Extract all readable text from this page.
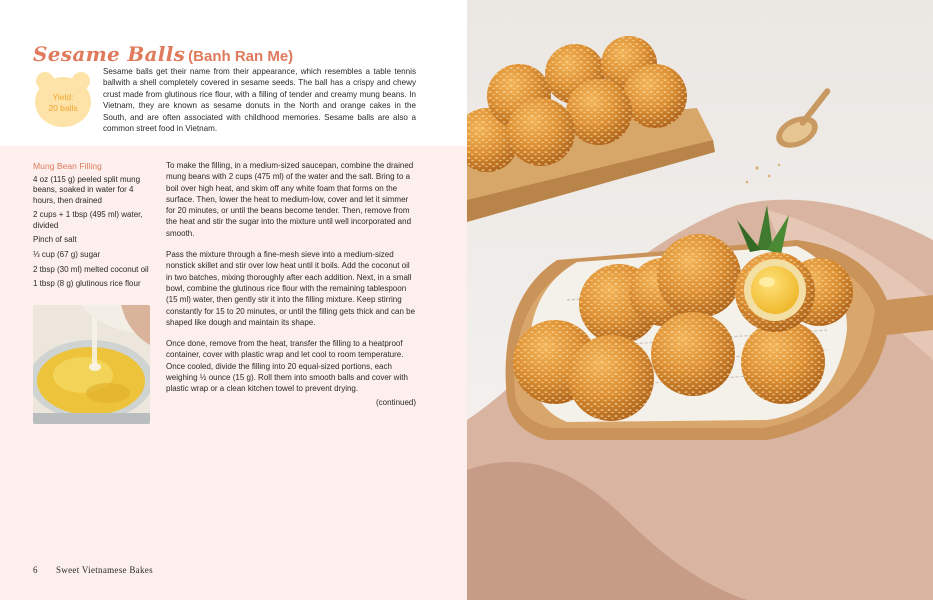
Sesame Balls (Banh Ran Me)
Yield:
20 balls

Sesame balls get their name from their appearance, which resembles a table tennis ballwith a shell completely covered in sesame seeds. The ball has a crispy and chewy crust made from glutinous rice flour, with a filling of tender and creamy mung beans. In Vietnam, they are known as sesame donuts in the North and orange cakes in the South, and are often associated with childhood memories. Sesame balls are also a common street food in Vietnam.

Mung Bean Filling
4 oz (115 g) peeled split mung beans, soaked in water for 4 hours, then drained
2 cups + 1 tbsp (495 ml) water, divided
Pinch of salt
⅓ cup (67 g) sugar
2 tbsp (30 ml) melted coconut oil
1 tbsp (8 g) glutinous rice flour

To make the filling, in a medium-sized saucepan, combine the drained mung beans with 2 cups (475 ml) of the water and the salt. Bring to a boil over high heat, and skim off any white foam that forms on the surface. Then, lower the heat to medium-low, cover and let it simmer for 20 minutes, or until the beans become tender. Then, remove from the heat and stir the sugar into the mixture until well incorporated and smooth.

Pass the mixture through a fine-mesh sieve into a medium-sized nonstick skillet and stir over low heat until it boils. Add the coconut oil in two batches, mixing thoroughly after each addition. Next, in a small bowl, combine the glutinous rice flour with the remaining tablespoon (15 ml) water, then gently stir it into the filling mixture. Keep stirring constantly for 15 to 20 minutes, or until the filling gets thick and can be shaped like dough and maintain its shape.

Once done, remove from the heat, transfer the filling to a heatproof container, cover with plastic wrap and let cool to room temperature. Once cooled, divide the filling into 20 equal-sized portions, each weighing ½ ounce (15 g). Roll them into smooth balls and cover with plastic wrap or a clean kitchen towel to prevent drying.

(continued)
6 Sweet Vietnamese Bakes
